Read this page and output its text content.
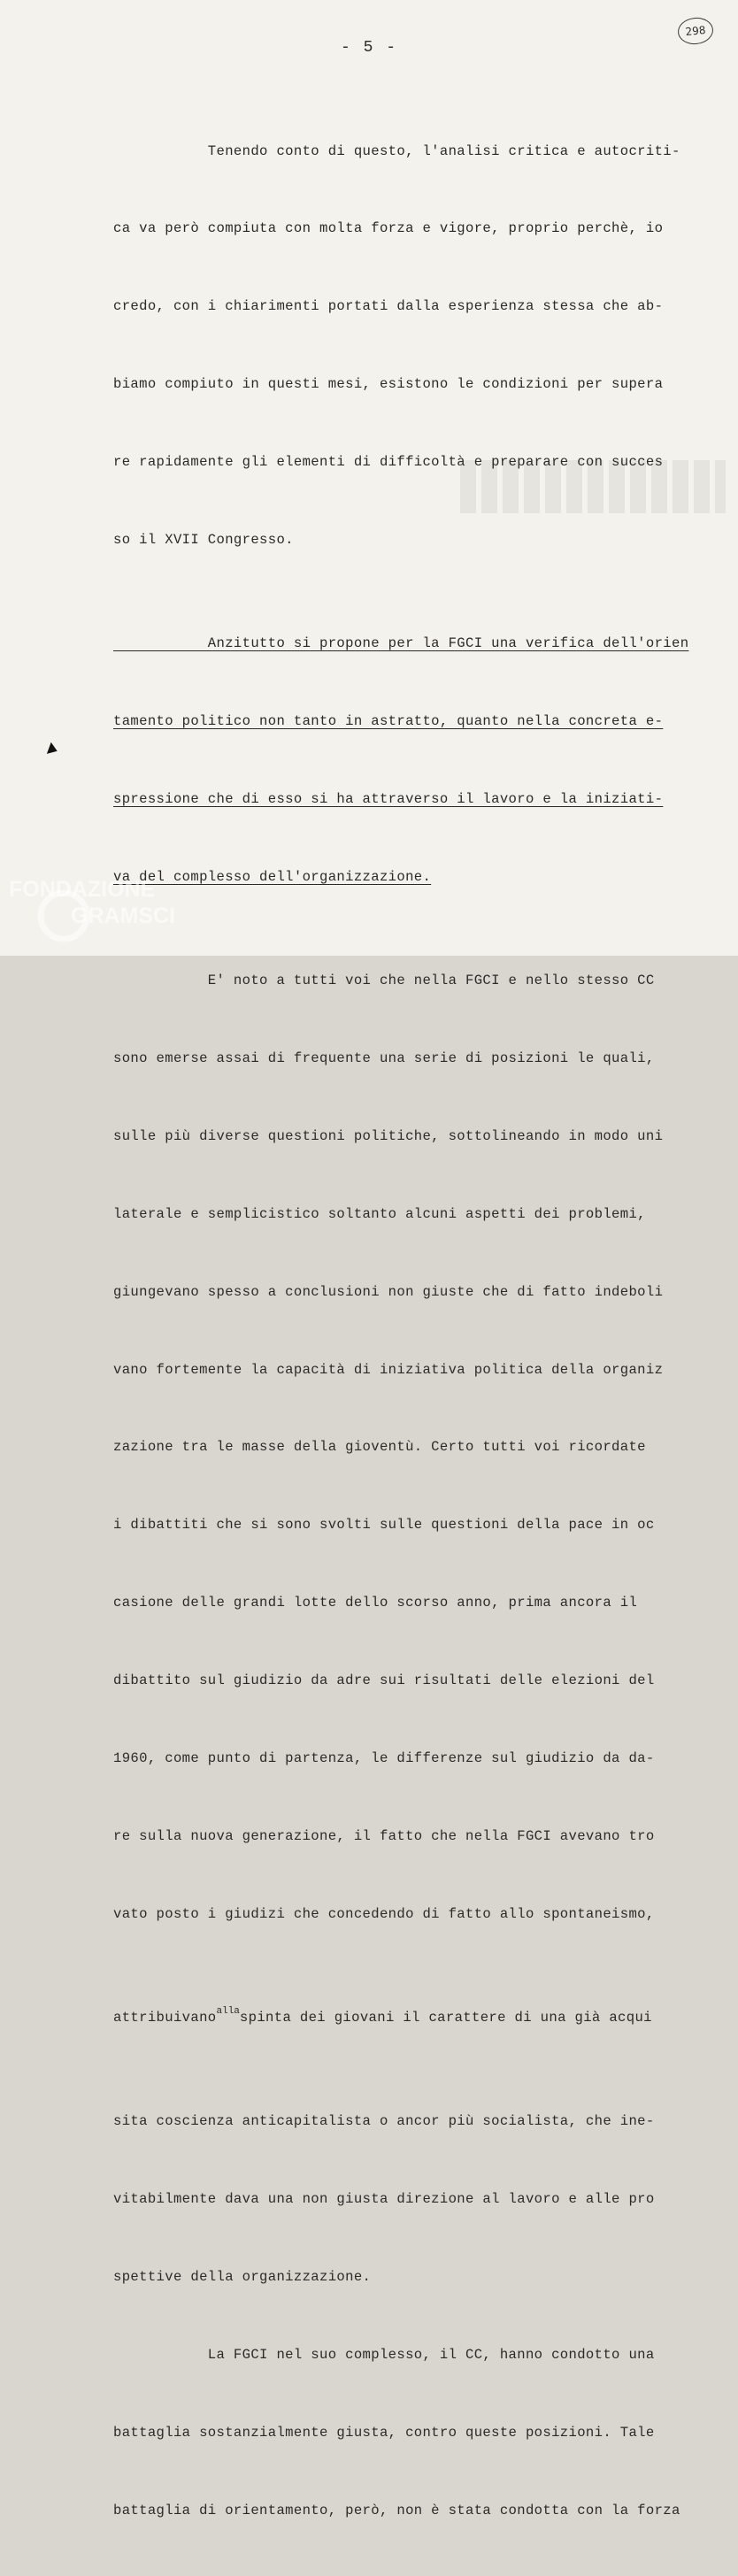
- 5 -
298

Tenendo conto di questo, l'analisi critica e autocriti-

ca va però compiuta con molta forza e vigore, proprio perchè, io

credo, con i chiarimenti portati dalla esperienza stessa che ab-

biamo compiuto in questi mesi, esistono le condizioni per supera

re rapidamente gli elementi di difficoltà e preparare con succes

so il XVII Congresso.

Anzitutto si propone per la FGCI una verifica dell'orien

tamento politico non tanto in astratto, quanto nella concreta e-

spressione che di esso si ha attraverso il lavoro e la iniziati-

va del complesso dell'organizzazione.

E' noto a tutti voi che nella FGCI e nello stesso CC

sono emerse assai di frequente una serie di posizioni le quali,

sulle più diverse questioni politiche, sottolineando in modo uni

laterale e semplicistico soltanto alcuni aspetti dei problemi,

giungevano spesso a conclusioni non giuste che di fatto indeboli

vano fortemente la capacità di iniziativa politica della organiz

zazione tra le masse della gioventù. Certo tutti voi ricordate

i dibattiti che si sono svolti sulle questioni della pace in oc

casione delle grandi lotte dello scorso anno, prima ancora il

dibattito sul giudizio da adre sui risultati delle elezioni del

1960, come punto di partenza, le differenze sul giudizio da da-

re sulla nuova generazione, il fatto che nella FGCI avevano tro

vato posto i giudizi che concedendo di fatto allo spontaneismo,

attribuivano$^{alla}$spinta dei giovani il carattere di una già acqui

sita coscienza anticapitalista o ancor più socialista, che ine-

vitabilmente dava una non giusta direzione al lavoro e alle pro

spettive della organizzazione.

La FGCI nel suo complesso, il CC, hanno condotto una

battaglia sostanzialmente giusta, contro queste posizioni. Tale

battaglia di orientamento, però, non è stata condotta con la forza

FONDAZIONE
GRAMSCI
